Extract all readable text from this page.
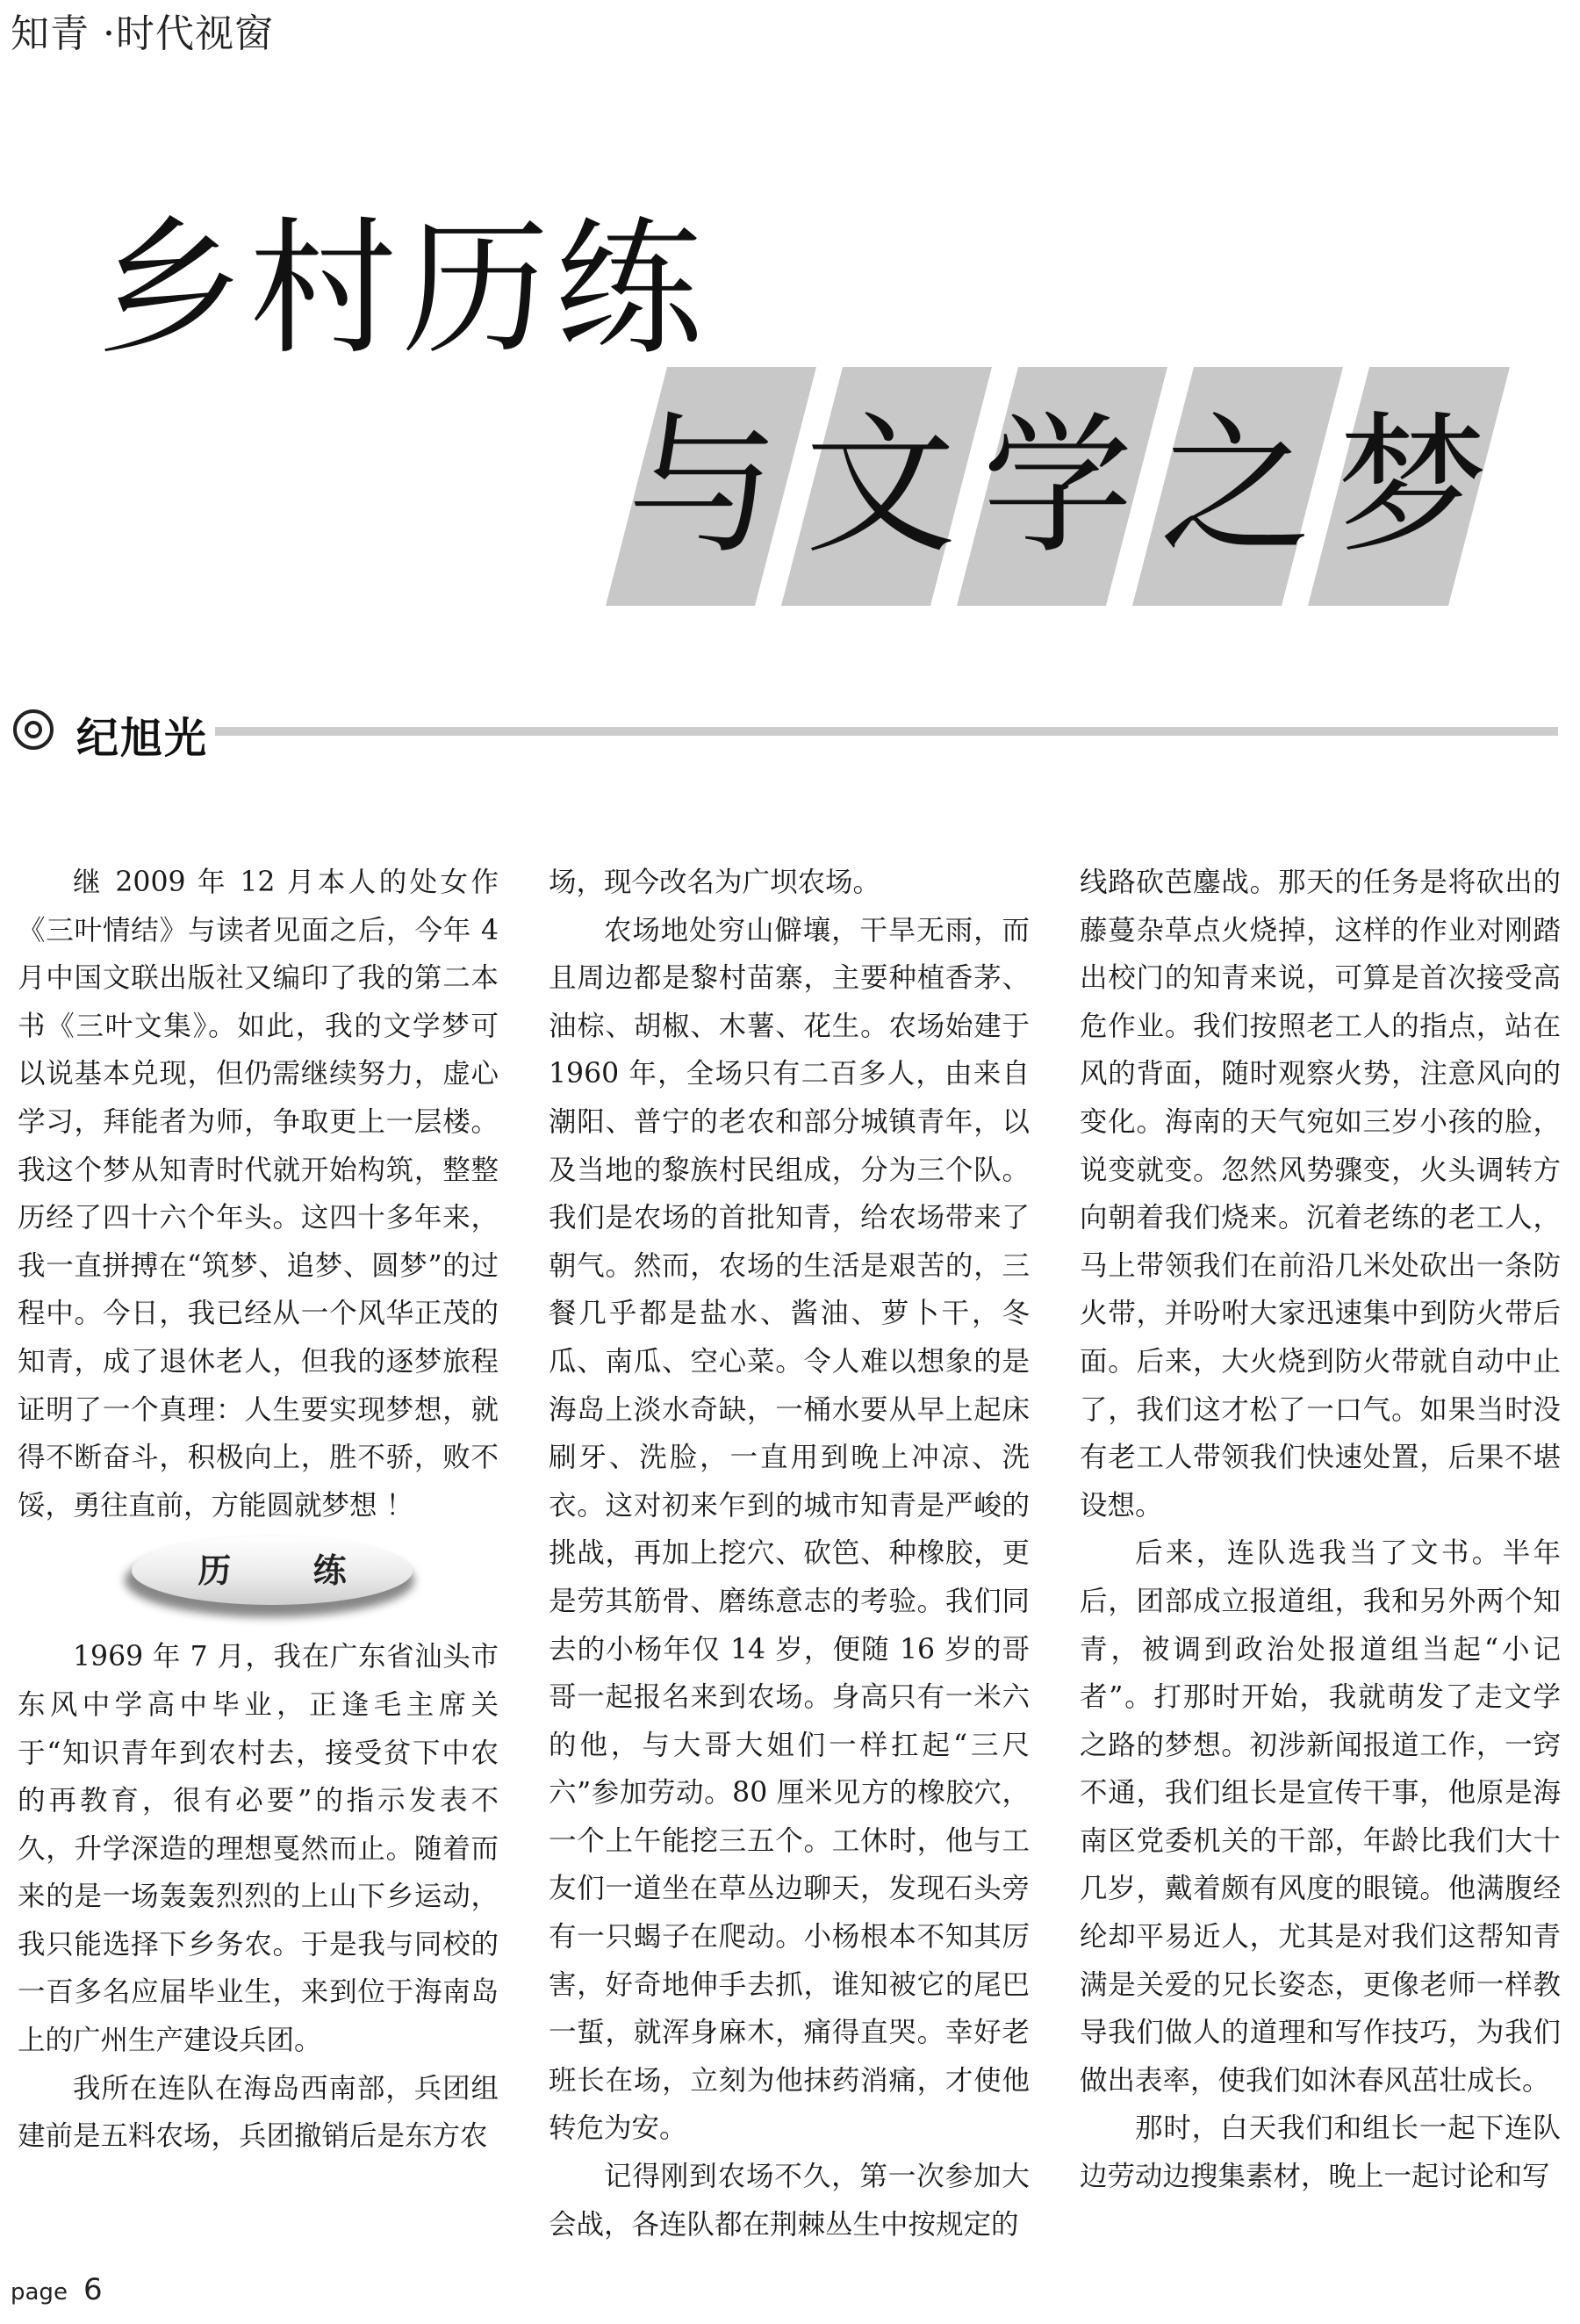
知青 ·时代视窗
乡村历练
与 文 学 之 梦
纪旭光

继 2009 年 12 月本人的处女作《三叶情结》与读者见面之后，今年 4 月中国文联出版社又编印了我的第二本书《三叶文集》。如此，我的文学梦可以说基本兑现，但仍需继续努力，虚心学习，拜能者为师，争取更上一层楼。我这个梦从知青时代就开始构筑，整整历经了四十六个年头。这四十多年来，我一直拼搏在“筑梦、追梦、圆梦”的过程中。今日，我已经从一个风华正茂的知青，成了退休老人，但我的逐梦旅程证明了一个真理：人生要实现梦想，就得不断奋斗，积极向上，胜不骄，败不馁，勇往直前，方能圆就梦想 ！

历 练

1969 年 7 月，我在广东省汕头市东风中学高中毕业，正逢毛主席关于“知识青年到农村去，接受贫下中农的再教育，很有必要”的指示发表不久，升学深造的理想戛然而止。随着而来的是一场轰轰烈烈的上山下乡运动，我只能选择下乡务农。于是我与同校的一百多名应届毕业生，来到位于海南岛上的广州生产建设兵团。

我所在连队在海岛西南部，兵团组建前是五料农场，兵团撤销后是东方农

场，现今改名为广坝农场。

农场地处穷山僻壤，干旱无雨，而且周边都是黎村苗寨，主要种植香茅、油棕、胡椒、木薯、花生。农场始建于 1960 年，全场只有二百多人，由来自潮阳、普宁的老农和部分城镇青年，以及当地的黎族村民组成，分为三个队。我们是农场的首批知青，给农场带来了朝气。然而，农场的生活是艰苦的，三餐几乎都是盐水、酱油、萝卜干，冬瓜、南瓜、空心菜。令人难以想象的是海岛上淡水奇缺，一桶水要从早上起床刷牙、洗脸，一直用到晚上冲凉、洗衣。这对初来乍到的城市知青是严峻的挑战，再加上挖穴、砍笆、种橡胶，更是劳其筋骨、磨练意志的考验。我们同去的小杨年仅 14 岁，便随 16 岁的哥哥一起报名来到农场。身高只有一米六的他，与大哥大姐们一样扛起“三尺六”参加劳动。80 厘米见方的橡胶穴，一个上午能挖三五个。工休时，他与工友们一道坐在草丛边聊天，发现石头旁有一只蝎子在爬动。小杨根本不知其厉害，好奇地伸手去抓，谁知被它的尾巴一蜇，就浑身麻木，痛得直哭。幸好老班长在场，立刻为他抹药消痛，才使他转危为安。

记得刚到农场不久，第一次参加大会战，各连队都在荆棘丛生中按规定的

线路砍芭鏖战。那天的任务是将砍出的藤蔓杂草点火烧掉，这样的作业对刚踏出校门的知青来说，可算是首次接受高危作业。我们按照老工人的指点，站在风的背面，随时观察火势，注意风向的变化。海南的天气宛如三岁小孩的脸，说变就变。忽然风势骤变，火头调转方向朝着我们烧来。沉着老练的老工人，马上带领我们在前沿几米处砍出一条防火带，并吩咐大家迅速集中到防火带后面。后来，大火烧到防火带就自动中止了，我们这才松了一口气。如果当时没有老工人带领我们快速处置，后果不堪设想。

后来，连队选我当了文书。半年后，团部成立报道组，我和另外两个知青，被调到政治处报道组当起“小记者”。打那时开始，我就萌发了走文学之路的梦想。初涉新闻报道工作，一窍不通，我们组长是宣传干事，他原是海南区党委机关的干部，年龄比我们大十几岁，戴着颇有风度的眼镜。他满腹经纶却平易近人，尤其是对我们这帮知青满是关爱的兄长姿态，更像老师一样教导我们做人的道理和写作技巧，为我们做出表率，使我们如沐春风茁壮成长。

那时，白天我们和组长一起下连队边劳动边搜集素材，晚上一起讨论和写

page 6
